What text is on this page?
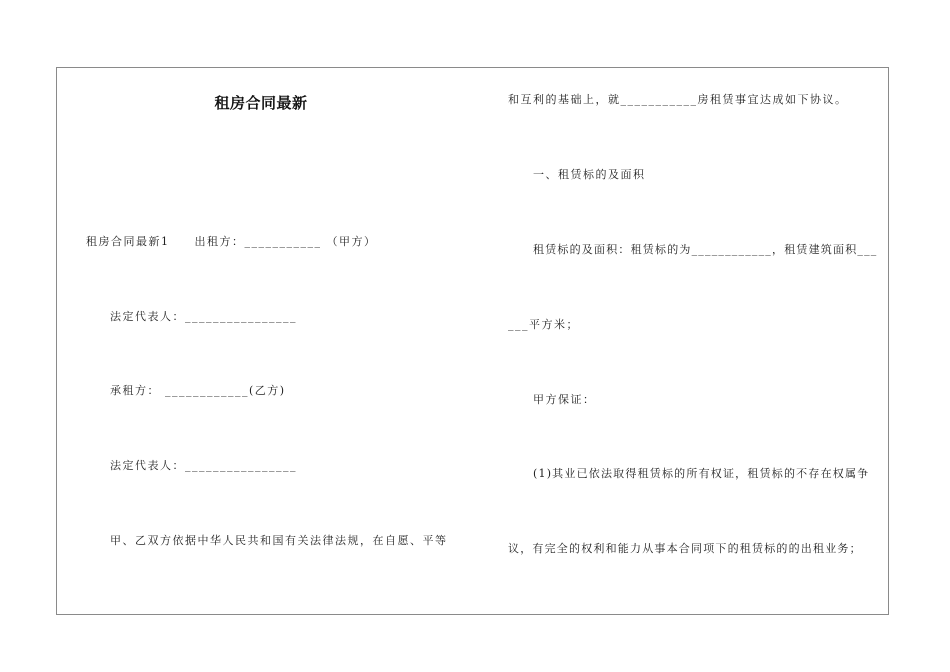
租房合同最新
租房合同最新1　　出租方：___________ （甲方）
法定代表人：________________
承租方： ____________(乙方)
法定代表人：________________
甲、乙双方依据中华人民共和国有关法律法规，在自愿、平等
和互利的基础上，就___________房租赁事宜达成如下协议。
一、租赁标的及面积
租赁标的及面积：租赁标的为____________，租赁建筑面积___
___平方米；
甲方保证：
(1)其业已依法取得租赁标的所有权证，租赁标的不存在权属争
议，有完全的权利和能力从事本合同项下的租赁标的的出租业务；
